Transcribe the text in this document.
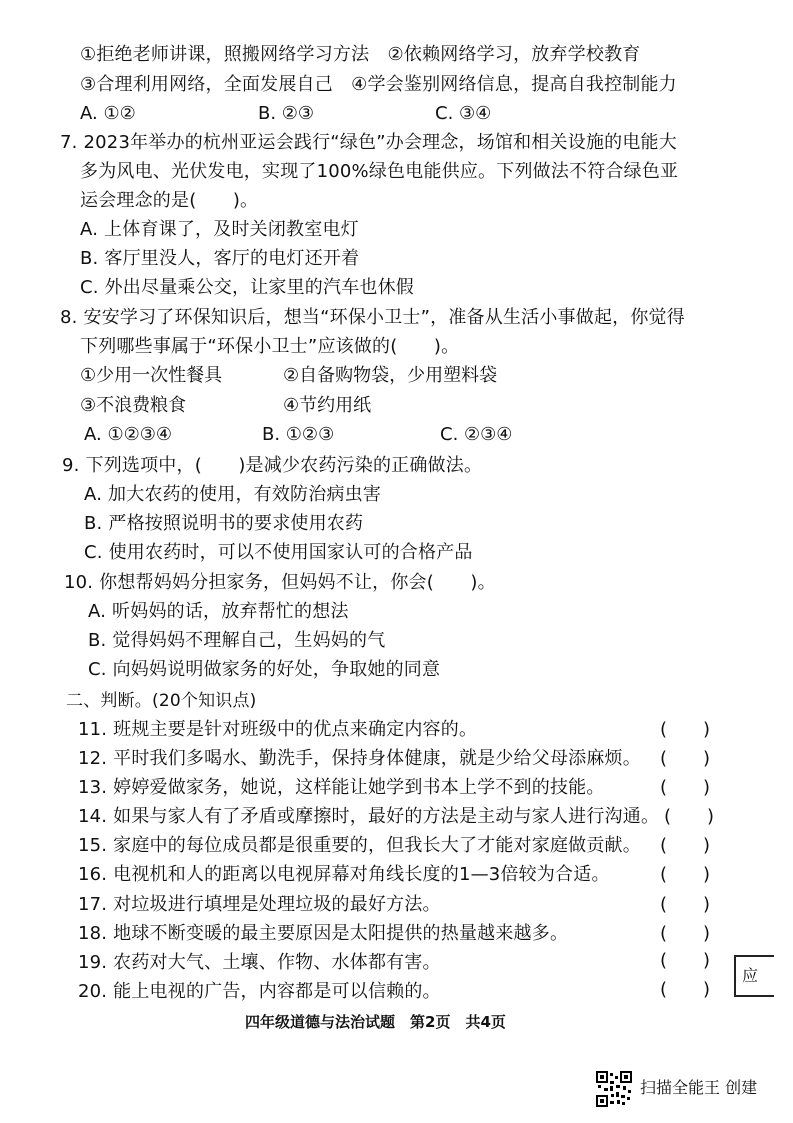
①拒绝老师讲课，照搬网络学习方法　②依赖网络学习，放弃学校教育
③合理利用网络，全面发展自己　④学会鉴别网络信息，提高自我控制能力
A. ①②	B. ②③	C. ③④
7. 2023年举办的杭州亚运会践行“绿色”办会理念，场馆和相关设施的电能大
多为风电、光伏发电，实现了100%绿色电能供应。下列做法不符合绿色亚
运会理念的是(　　)。
A. 上体育课了，及时关闭教室电灯
B. 客厅里没人，客厅的电灯还开着
C. 外出尽量乘公交，让家里的汽车也休假
8. 安安学习了环保知识后，想当“环保小卫士”，准备从生活小事做起，你觉得
下列哪些事属于“环保小卫士”应该做的(　　)。
①少用一次性餐具	②自备购物袋，少用塑料袋
③不浪费粮食	④节约用纸
A. ①②③④	B. ①②③	C. ②③④
9. 下列选项中，(　　)是减少农药污染的正确做法。
A. 加大农药的使用，有效防治病虫害
B. 严格按照说明书的要求使用农药
C. 使用农药时，可以不使用国家认可的合格产品
10. 你想帮妈妈分担家务，但妈妈不让，你会(　　)。
A. 听妈妈的话，放弃帮忙的想法
B. 觉得妈妈不理解自己，生妈妈的气
C. 向妈妈说明做家务的好处，争取她的同意
二、判断。(20个知识点)
11. 班规主要是针对班级中的优点来确定内容的。
12. 平时我们多喝水、勤洗手，保持身体健康，就是少给父母添麻烦。
13. 婷婷爱做家务，她说，这样能让她学到书本上学不到的技能。
14. 如果与家人有了矛盾或摩擦时，最好的方法是主动与家人进行沟通。
15. 家庭中的每位成员都是很重要的，但我长大了才能对家庭做贡献。
16. 电视机和人的距离以电视屏幕对角线长度的1—3倍较为合适。
17. 对垃圾进行填埋是处理垃圾的最好方法。
18. 地球不断变暖的最主要原因是太阳提供的热量越来越多。
19. 农药对大气、土壤、作物、水体都有害。
20. 能上电视的广告，内容都是可以信赖的。
(　　)
(　　)
(　　)
(　　)
(　　)
(　　)
(　　)
(　　)
(　　)
(　　)
应
四年级道德与法治试题　第2页　共4页
扫描全能王 创建
